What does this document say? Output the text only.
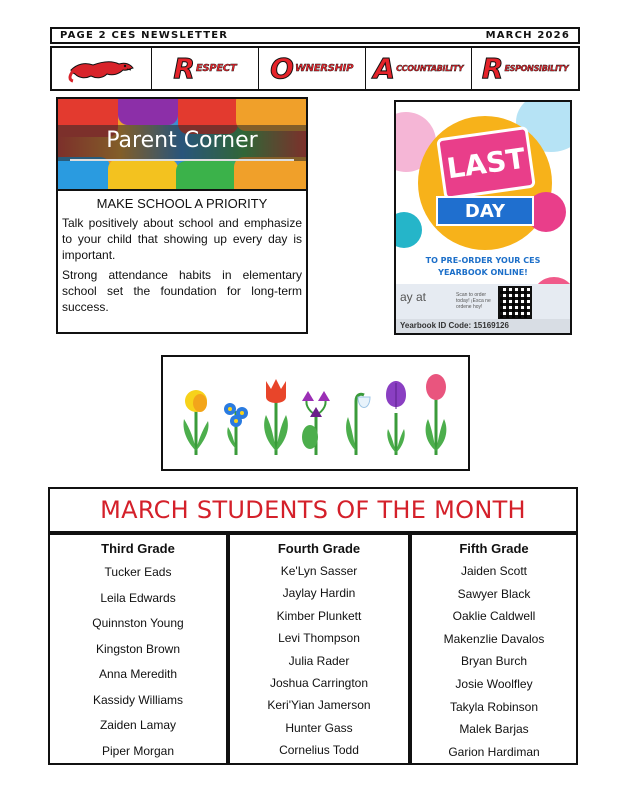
PAGE 2 CES NEWSLETTER	MARCH 2026
R ESPECT O WNERSHIP A CCOUNTABILITY R ESPONSIBILITY
Parent Corner
MAKE SCHOOL A PRIORITY

Talk positively about school and emphasize to your child that showing up every day is important.

Strong attendance habits in elementary school set the foundation for long-term success.

LAST
DAY
TO PRE-ORDER YOUR CES
YEARBOOK ONLINE!
ay at	Scan to order today! ¡Esca ne ordene hoy!
Yearbook ID Code: 15169126
MARCH STUDENTS OF THE MONTH
Third Grade
Tucker Eads
Leila Edwards
Quinnston Young
Kingston Brown
Anna Meredith
Kassidy Williams
Zaiden Lamay
Piper Morgan
Fourth Grade
Ke'Lyn Sasser
Jaylay Hardin
Kimber Plunkett
Levi Thompson
Julia Rader
Joshua Carrington
Keri'Yian Jamerson
Hunter Gass
Cornelius Todd
Fifth Grade
Jaiden Scott
Sawyer Black
Oaklie Caldwell
Makenzlie Davalos
Bryan Burch
Josie Woolfley
Takyla Robinson
Malek Barjas
Garion Hardiman
